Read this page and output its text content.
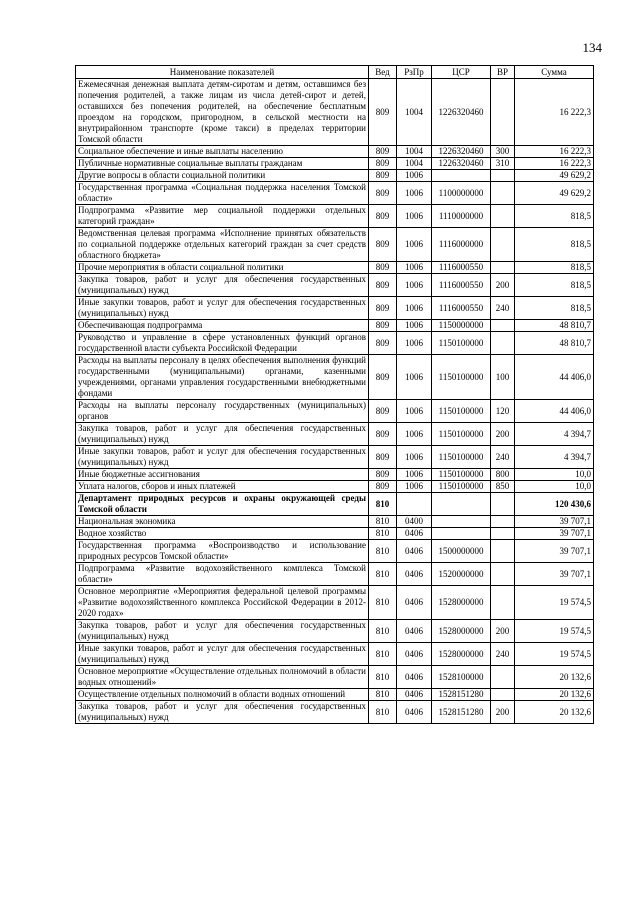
134
Наименование показателей	Вед	РзПр	ЦСР	ВР	Сумма
Ежемесячная денежная выплата детям-сиротам и детям, оставшимся без попечения родителей, а также лицам из числа детей-сирот и детей, оставшихся без попечения родителей, на обеспечение бесплатным проездом на городском, пригородном, в сельской местности на внутрирайонном транспорте (кроме такси) в пределах территории Томской области	809	1004	1226320460		16 222,3
Социальное обеспечение и иные выплаты населению	809	1004	1226320460	300	16 222,3
Публичные нормативные социальные выплаты гражданам	809	1004	1226320460	310	16 222,3
Другие вопросы в области социальной политики	809	1006			49 629,2
Государственная программа «Социальная поддержка населения Томской области»	809	1006	1100000000		49 629,2
Подпрограмма «Развитие мер социальной поддержки отдельных категорий граждан»	809	1006	1110000000		818,5
Ведомственная целевая программа «Исполнение принятых обязательств по социальной поддержке отдельных категорий граждан за счет средств областного бюджета»	809	1006	1116000000		818,5
Прочие мероприятия в области социальной политики	809	1006	1116000550		818,5
Закупка товаров, работ и услуг для обеспечения государственных (муниципальных) нужд	809	1006	1116000550	200	818,5
Иные закупки товаров, работ и услуг для обеспечения государственных (муниципальных) нужд	809	1006	1116000550	240	818,5
Обеспечивающая подпрограмма	809	1006	1150000000		48 810,7
Руководство и управление в сфере установленных функций органов государственной власти субъекта Российской Федерации	809	1006	1150100000		48 810,7
Расходы на выплаты персоналу в целях обеспечения выполнения функций государственными (муниципальными) органами, казенными учреждениями, органами управления государственными внебюджетными фондами	809	1006	1150100000	100	44 406,0
Расходы на выплаты персоналу государственных (муниципальных) органов	809	1006	1150100000	120	44 406,0
Закупка товаров, работ и услуг для обеспечения государственных (муниципальных) нужд	809	1006	1150100000	200	4 394,7
Иные закупки товаров, работ и услуг для обеспечения государственных (муниципальных) нужд	809	1006	1150100000	240	4 394,7
Иные бюджетные ассигнования	809	1006	1150100000	800	10,0
Уплата налогов, сборов и иных платежей	809	1006	1150100000	850	10,0
Департамент природных ресурсов и охраны окружающей среды Томской области	810				120 430,6
Национальная экономика	810	0400			39 707,1
Водное хозяйство	810	0406			39 707,1
Государственная программа «Воспроизводство и использование природных ресурсов Томской области»	810	0406	1500000000		39 707,1
Подпрограмма «Развитие водохозяйственного комплекса Томской области»	810	0406	1520000000		39 707,1
Основное мероприятие «Мероприятия федеральной целевой программы «Развитие водохозяйственного комплекса Российской Федерации в 2012-2020 годах»	810	0406	1528000000		19 574,5
Закупка товаров, работ и услуг для обеспечения государственных (муниципальных) нужд	810	0406	1528000000	200	19 574,5
Иные закупки товаров, работ и услуг для обеспечения государственных (муниципальных) нужд	810	0406	1528000000	240	19 574,5
Основное мероприятие «Осуществление отдельных полномочий в области водных отношений»	810	0406	1528100000		20 132,6
Осуществление отдельных полномочий в области водных отношений	810	0406	1528151280		20 132,6
Закупка товаров, работ и услуг для обеспечения государственных (муниципальных) нужд	810	0406	1528151280	200	20 132,6
